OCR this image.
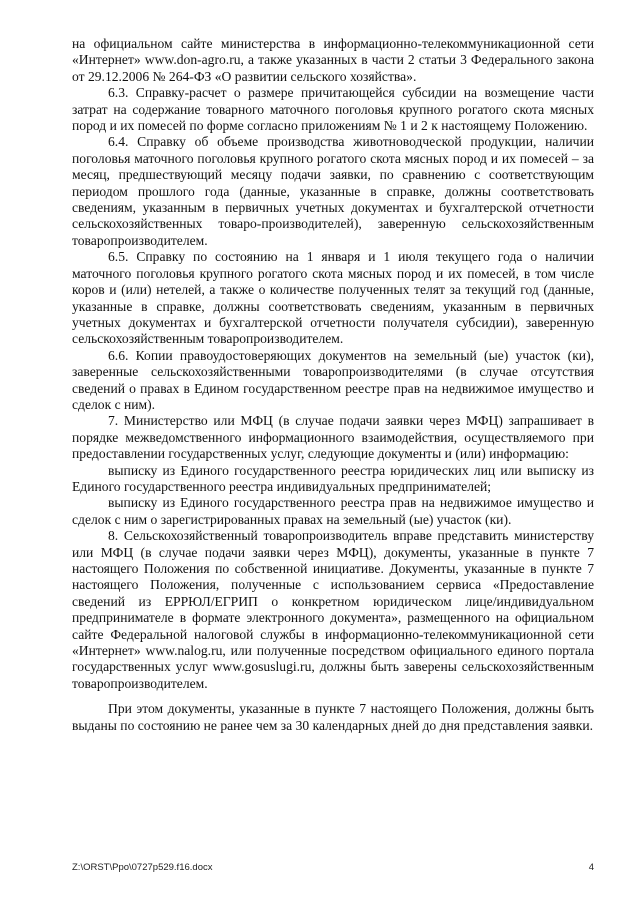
на официальном сайте министерства в информационно-телекоммуникационной сети «Интернет» www.don-agro.ru, а также указанных в части 2 статьи 3 Федерального закона от 29.12.2006 № 264-ФЗ «О развитии сельского хозяйства».

6.3. Справку-расчет о размере причитающейся субсидии на возмещение части затрат на содержание товарного маточного поголовья крупного рогатого скота мясных пород и их помесей по форме согласно приложениям № 1 и 2 к настоящему Положению.

6.4. Справку об объеме производства животноводческой продукции, наличии поголовья маточного поголовья крупного рогатого скота мясных пород и их помесей – за месяц, предшествующий месяцу подачи заявки, по сравнению с соответствующим периодом прошлого года (данные, указанные в справке, должны соответствовать сведениям, указанным в первичных учетных документах и бухгалтерской отчетности сельскохозяйственных товаро-производителей), заверенную сельскохозяйственным товаропроизводителем.

6.5. Справку по состоянию на 1 января и 1 июля текущего года о наличии маточного поголовья крупного рогатого скота мясных пород и их помесей, в том числе коров и (или) нетелей, а также о количестве полученных телят за текущий год (данные, указанные в справке, должны соответствовать сведениям, указанным в первичных учетных документах и бухгалтерской отчетности получателя субсидии), заверенную сельскохозяйственным товаропроизводителем.

6.6. Копии правоудостоверяющих документов на земельный (ые) участок (ки), заверенные сельскохозяйственными товаропроизводителями (в случае отсутствия сведений о правах в Едином государственном реестре прав на недвижимое имущество и сделок с ним).

7. Министерство или МФЦ (в случае подачи заявки через МФЦ) запрашивает в порядке межведомственного информационного взаимодействия, осуществляемого при предоставлении государственных услуг, следующие документы и (или) информацию:

выписку из Единого государственного реестра юридических лиц или выписку из Единого государственного реестра индивидуальных предпринимателей;

выписку из Единого государственного реестра прав на недвижимое имущество и сделок с ним о зарегистрированных правах на земельный (ые) участок (ки).

8. Сельскохозяйственный товаропроизводитель вправе представить министерству или МФЦ (в случае подачи заявки через МФЦ), документы, указанные в пункте 7 настоящего Положения по собственной инициативе. Документы, указанные в пункте 7 настоящего Положения, полученные с использованием сервиса «Предоставление сведений из ЕРРЮЛ/ЕГРИП о конкретном юридическом лице/индивидуальном предпринимателе в формате электронного документа», размещенного на официальном сайте Федеральной налоговой службы в информационно-телекоммуникационной сети «Интернет» www.nalog.ru, или полученные посредством официального единого портала государственных услуг www.gosuslugi.ru, должны быть заверены сельскохозяйственным товаропроизводителем.

При этом документы, указанные в пункте 7 настоящего Положения, должны быть выданы по состоянию не ранее чем за 30 календарных дней до дня представления заявки.

Z:\ORST\Ppo\0727p529.f16.docx	4
